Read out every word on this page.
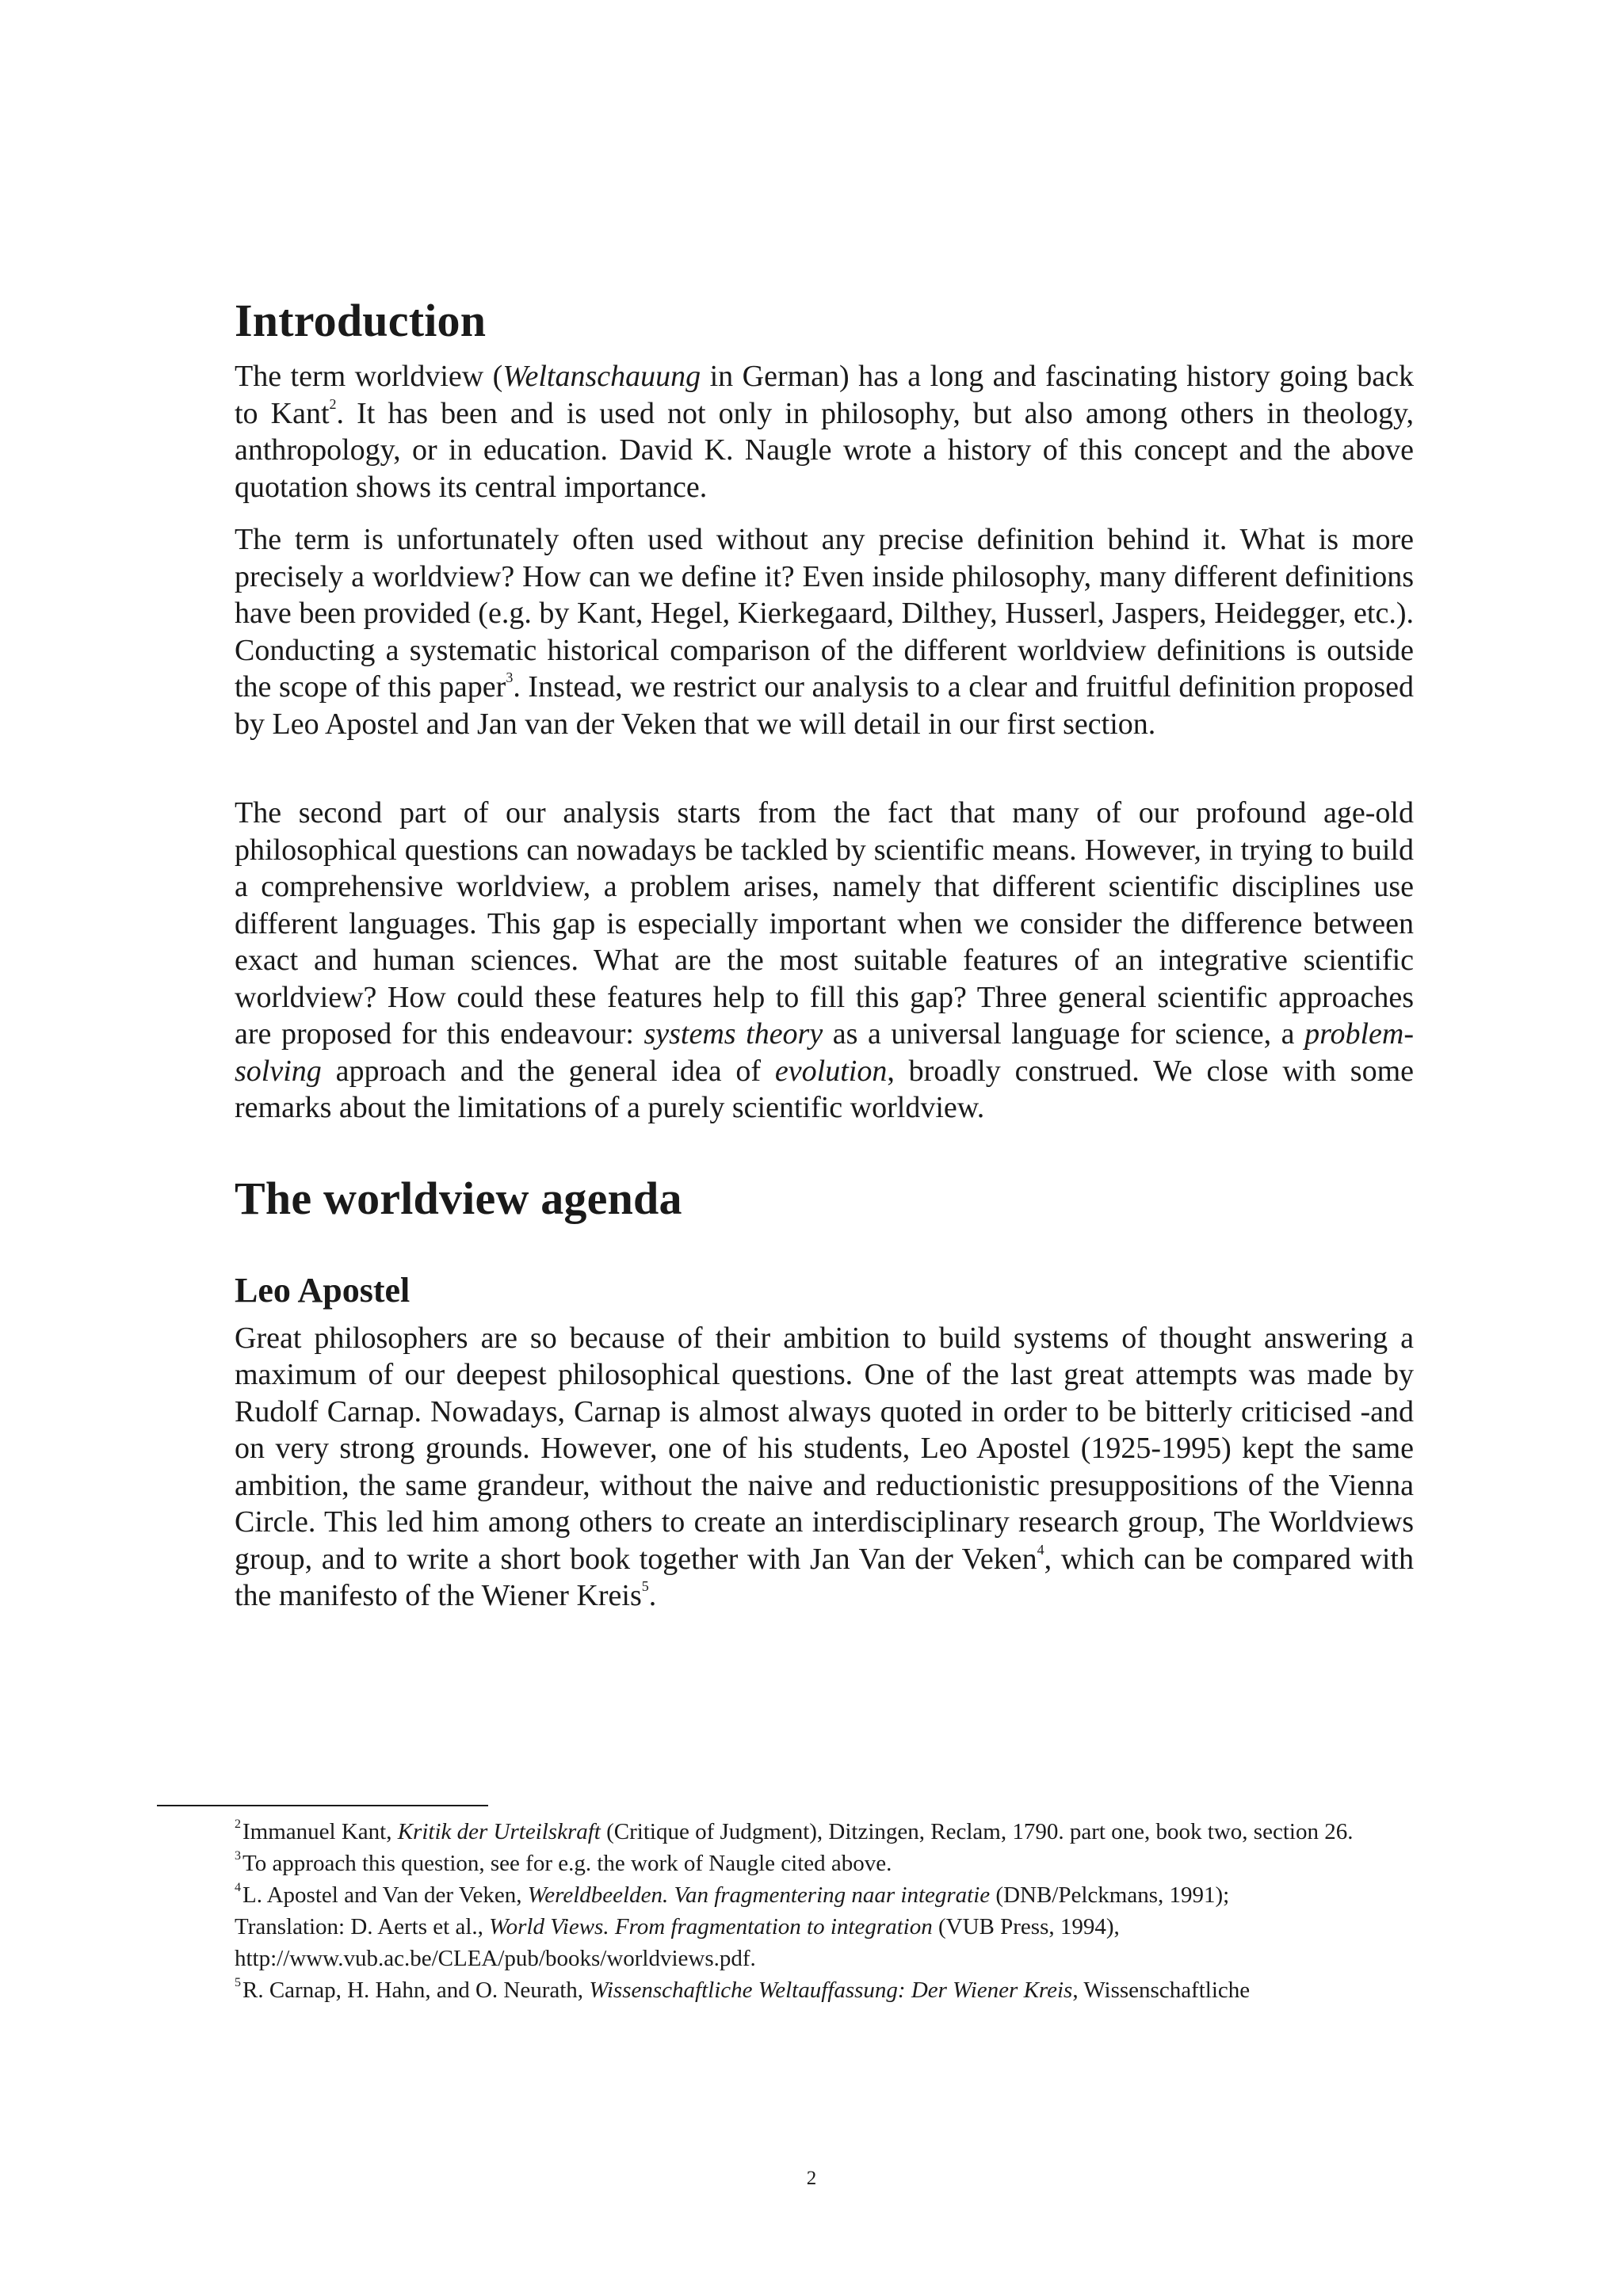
Introduction

The term worldview (Weltanschauung in German) has a long and fascinating history going back to Kant$^2$. It has been and is used not only in philosophy, but also among others in theology, anthropology, or in education. David K. Naugle wrote a history of this concept and the above quotation shows its central importance.

The term is unfortunately often used without any precise definition behind it. What is more precisely a worldview? How can we define it? Even inside philosophy, many different definitions have been provided (e.g. by Kant, Hegel, Kierkegaard, Dilthey, Husserl, Jaspers, Heidegger, etc.). Conducting a systematic historical comparison of the different worldview definitions is outside the scope of this paper$^3$. Instead, we restrict our analysis to a clear and fruitful definition proposed by Leo Apostel and Jan van der Veken that we will detail in our first section.

The second part of our analysis starts from the fact that many of our profound age-old philosophical questions can nowadays be tackled by scientific means. However, in trying to build a comprehensive worldview, a problem arises, namely that different scientific disciplines use different languages. This gap is especially important when we consider the difference between exact and human sciences. What are the most suitable features of an integrative scientific worldview? How could these features help to fill this gap? Three general scientific approaches are proposed for this endeavour: systems theory as a universal language for science, a problem-solving approach and the general idea of evolution, broadly construed. We close with some remarks about the limitations of a purely scientific worldview.

The worldview agenda
Leo Apostel

Great philosophers are so because of their ambition to build systems of thought answering a maximum of our deepest philosophical questions. One of the last great attempts was made by Rudolf Carnap. Nowadays, Carnap is almost always quoted in order to be bitterly criticised -and on very strong grounds. However, one of his students, Leo Apostel (1925-1995) kept the same ambition, the same grandeur, without the naive and reductionistic presuppositions of the Vienna Circle. This led him among others to create an interdisciplinary research group, The Worldviews group, and to write a short book together with Jan Van der Veken$^4$, which can be compared with the manifesto of the Wiener Kreis$^5$.

$^2$Immanuel Kant, Kritik der Urteilskraft (Critique of Judgment), Ditzingen, Reclam, 1790. part one, book two, section 26.

$^3$To approach this question, see for e.g. the work of Naugle cited above.

$^4$L. Apostel and Van der Veken, Wereldbeelden. Van fragmentering naar integratie (DNB/Pelckmans, 1991);
Translation: D. Aerts et al., World Views. From fragmentation to integration (VUB Press, 1994),
http://www.vub.ac.be/CLEA/pub/books/worldviews.pdf.

$^5$R. Carnap, H. Hahn, and O. Neurath, Wissenschaftliche Weltauffassung: Der Wiener Kreis, Wissenschaftliche

2
